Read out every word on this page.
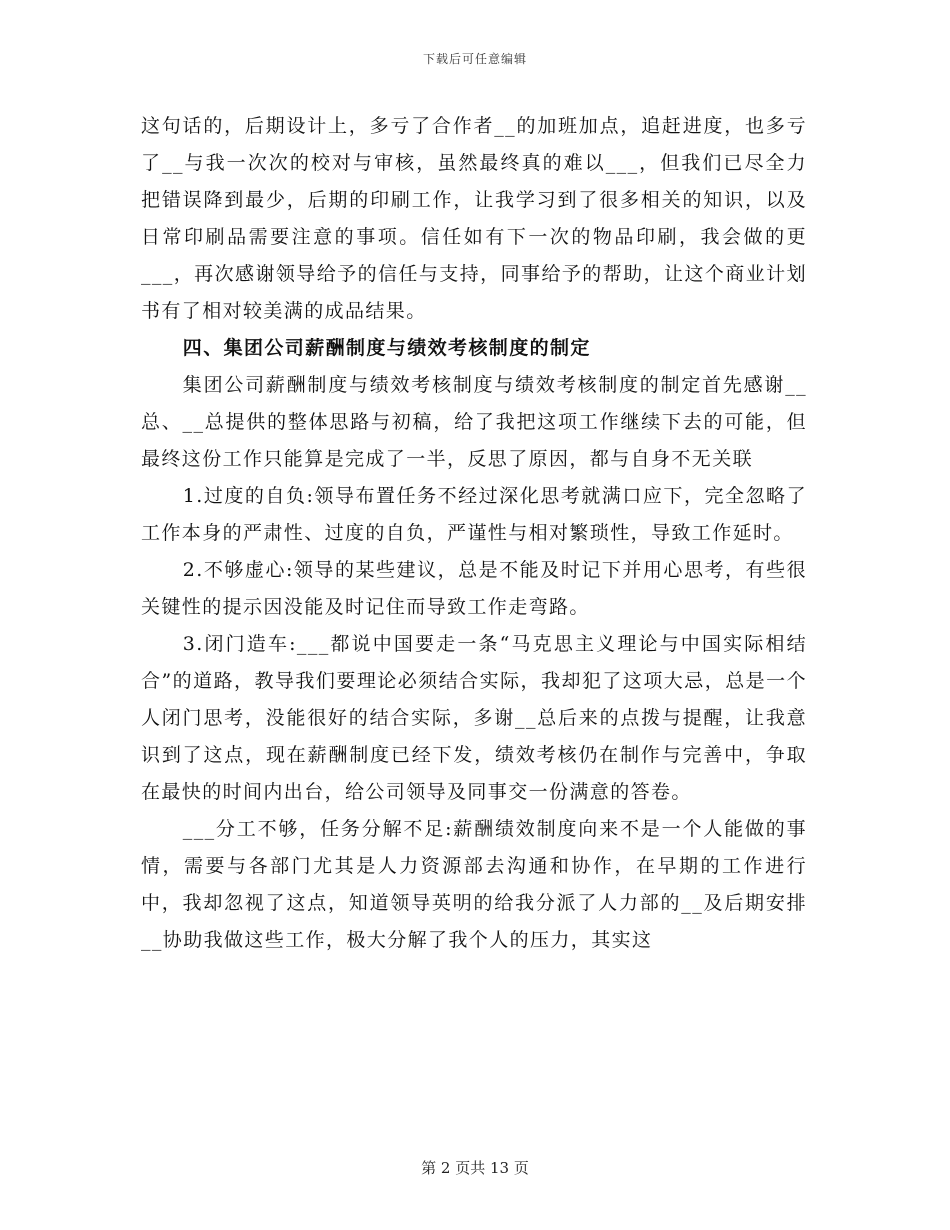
下载后可任意编辑

这句话的，后期设计上，多亏了合作者__的加班加点，追赶进度，也多亏了__与我一次次的校对与审核，虽然最终真的难以___，但我们已尽全力把错误降到最少，后期的印刷工作，让我学习到了很多相关的知识，以及日常印刷品需要注意的事项。信任如有下一次的物品印刷，我会做的更___，再次感谢领导给予的信任与支持，同事给予的帮助，让这个商业计划书有了相对较美满的成品结果。

四、集团公司薪酬制度与绩效考核制度的制定

集团公司薪酬制度与绩效考核制度与绩效考核制度的制定首先感谢__总、__总提供的整体思路与初稿，给了我把这项工作继续下去的可能，但最终这份工作只能算是完成了一半，反思了原因，都与自身不无关联

1.过度的自负:领导布置任务不经过深化思考就满口应下，完全忽略了工作本身的严肃性、过度的自负，严谨性与相对繁琐性，导致工作延时。

2.不够虚心:领导的某些建议，总是不能及时记下并用心思考，有些很关键性的提示因没能及时记住而导致工作走弯路。

3.闭门造车:___都说中国要走一条“马克思主义理论与中国实际相结合”的道路，教导我们要理论必须结合实际，我却犯了这项大忌，总是一个人闭门思考，没能很好的结合实际，多谢__总后来的点拨与提醒，让我意识到了这点，现在薪酬制度已经下发，绩效考核仍在制作与完善中，争取在最快的时间内出台，给公司领导及同事交一份满意的答卷。

___分工不够，任务分解不足:薪酬绩效制度向来不是一个人能做的事情，需要与各部门尤其是人力资源部去沟通和协作，在早期的工作进行中，我却忽视了这点，知道领导英明的给我分派了人力部的__及后期安排__协助我做这些工作，极大分解了我个人的压力，其实这

第 2 页共 13 页
